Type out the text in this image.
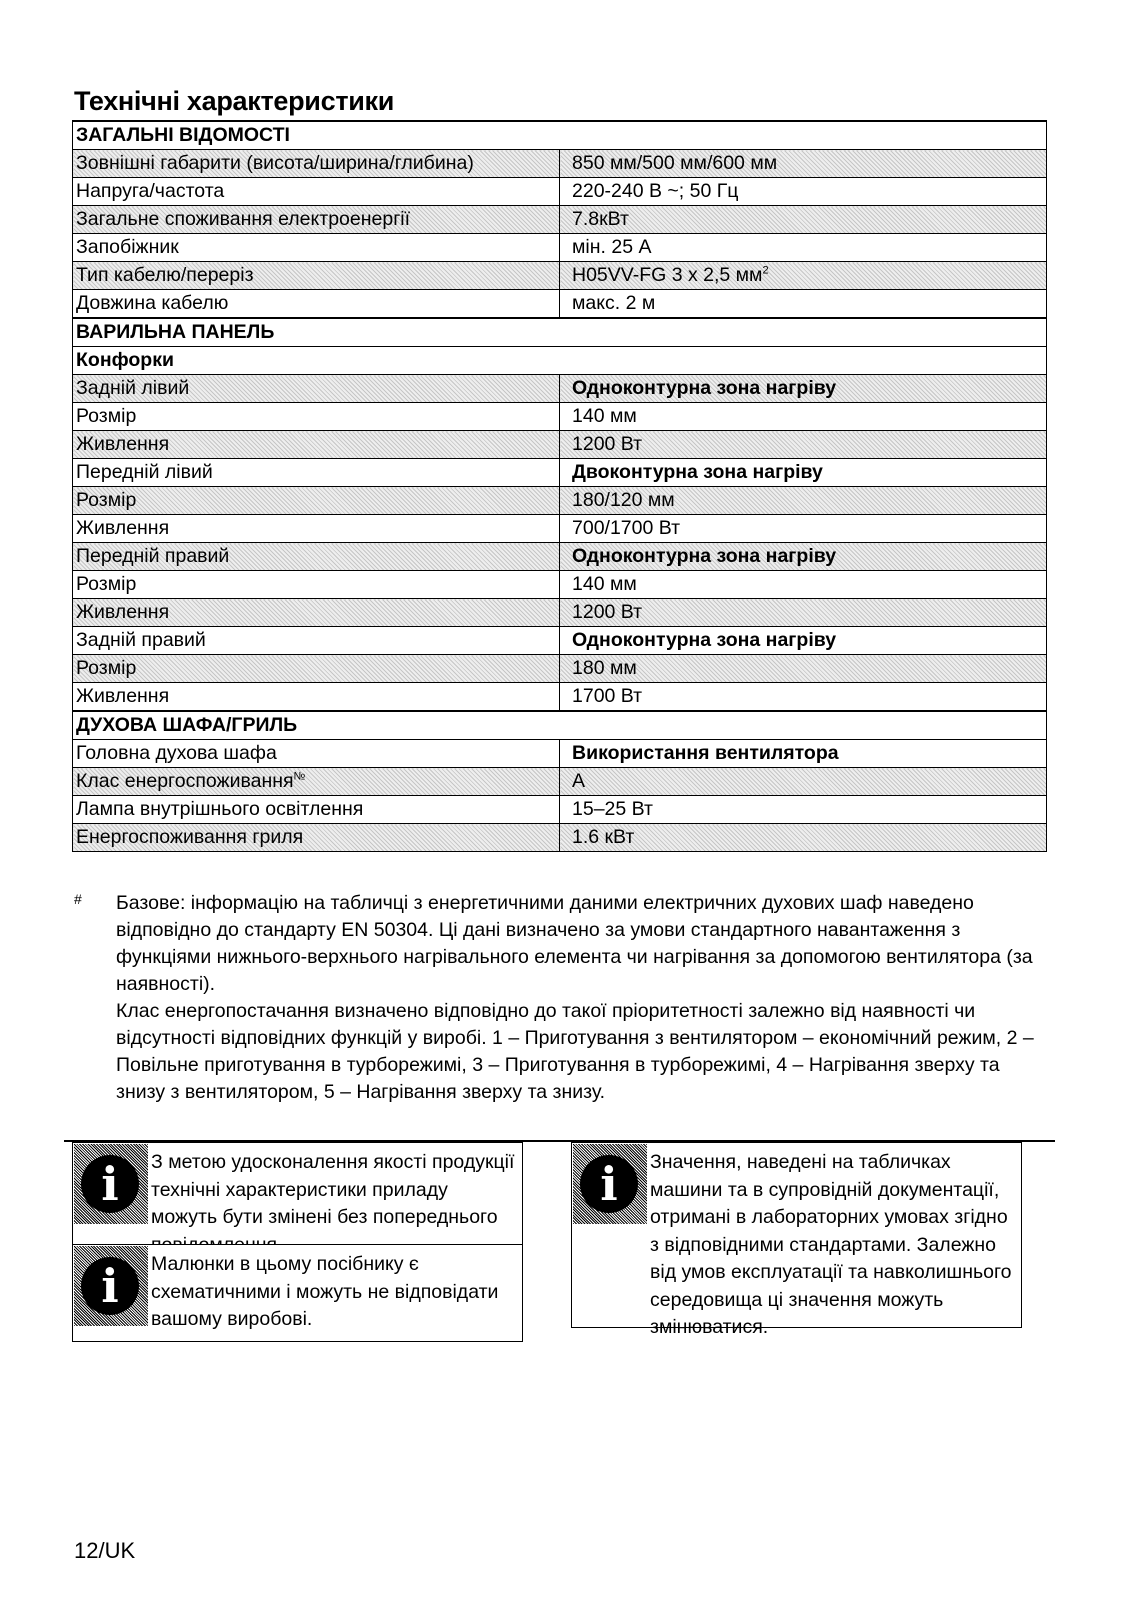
Технічні характеристики
ЗАГАЛЬНІ ВІДОМОСТІ	
Зовнішні габарити (висота/ширина/глибина)	850 мм/500 мм/600 мм
Напруга/частота	220-240 В ~; 50 Гц
Загальне споживання електроенергії	7.8кВт
Запобіжник	мін. 25 А
Тип кабелю/переріз	H05VV-FG 3 x 2,5 $мм^2$
Довжина кабелю	макс. 2 м
ВАРИЛЬНА ПАНЕЛЬ	
Конфорки	
Задній лівий	Одноконтурна зона нагріву
Розмір	140 мм
Живлення	1200 Вт
Передній лівий	Двоконтурна зона нагріву
Розмір	180/120 мм
Живлення	700/1700 Вт
Передній правий	Одноконтурна зона нагріву
Розмір	140 мм
Живлення	1200 Вт
Задній правий	Одноконтурна зона нагріву
Розмір	180 мм
Живлення	1700 Вт
ДУХОВА ШАФА/ГРИЛЬ	
Головна духова шафа	Використання вентилятора
Клас енергоспоживання№	A
Лампа внутрішнього освітлення	15–25 Вт
Енергоспоживання гриля	1.6 кВт
# Базове: інформацію на табличці з енергетичними даними електричних духових шаф наведено відповідно до стандарту EN 50304. Ці дані визначено за умови стандартного навантаження з функціями нижнього-верхнього нагрівального елемента чи нагрівання за допомогою вентилятора (за наявності).

Клас енергопостачання визначено відповідно до такої пріоритетності залежно від наявності чи відсутності відповідних функцій у виробі. 1 – Приготування з вентилятором – економічний режим, 2 – Повільне приготування в турборежимі, 3 – Приготування в турборежимі, 4 – Нагрівання зверху та знизу з вентилятором, 5 – Нагрівання зверху та знизу.

i	З метою удосконалення якості продукції технічні характеристики приладу можуть бути змінені без попереднього
i	Малюнки в цьому посібнику є схематичними і можуть не відповідати вашому виробові.
i	Значення, наведені на табличках машини та в супровідній документації, отримані в лабораторних умовах згідно з відповідними стандартами. Залежно від умов експлуатації та навколишнього середовища ці значення можуть змінюватися.
12/UK
